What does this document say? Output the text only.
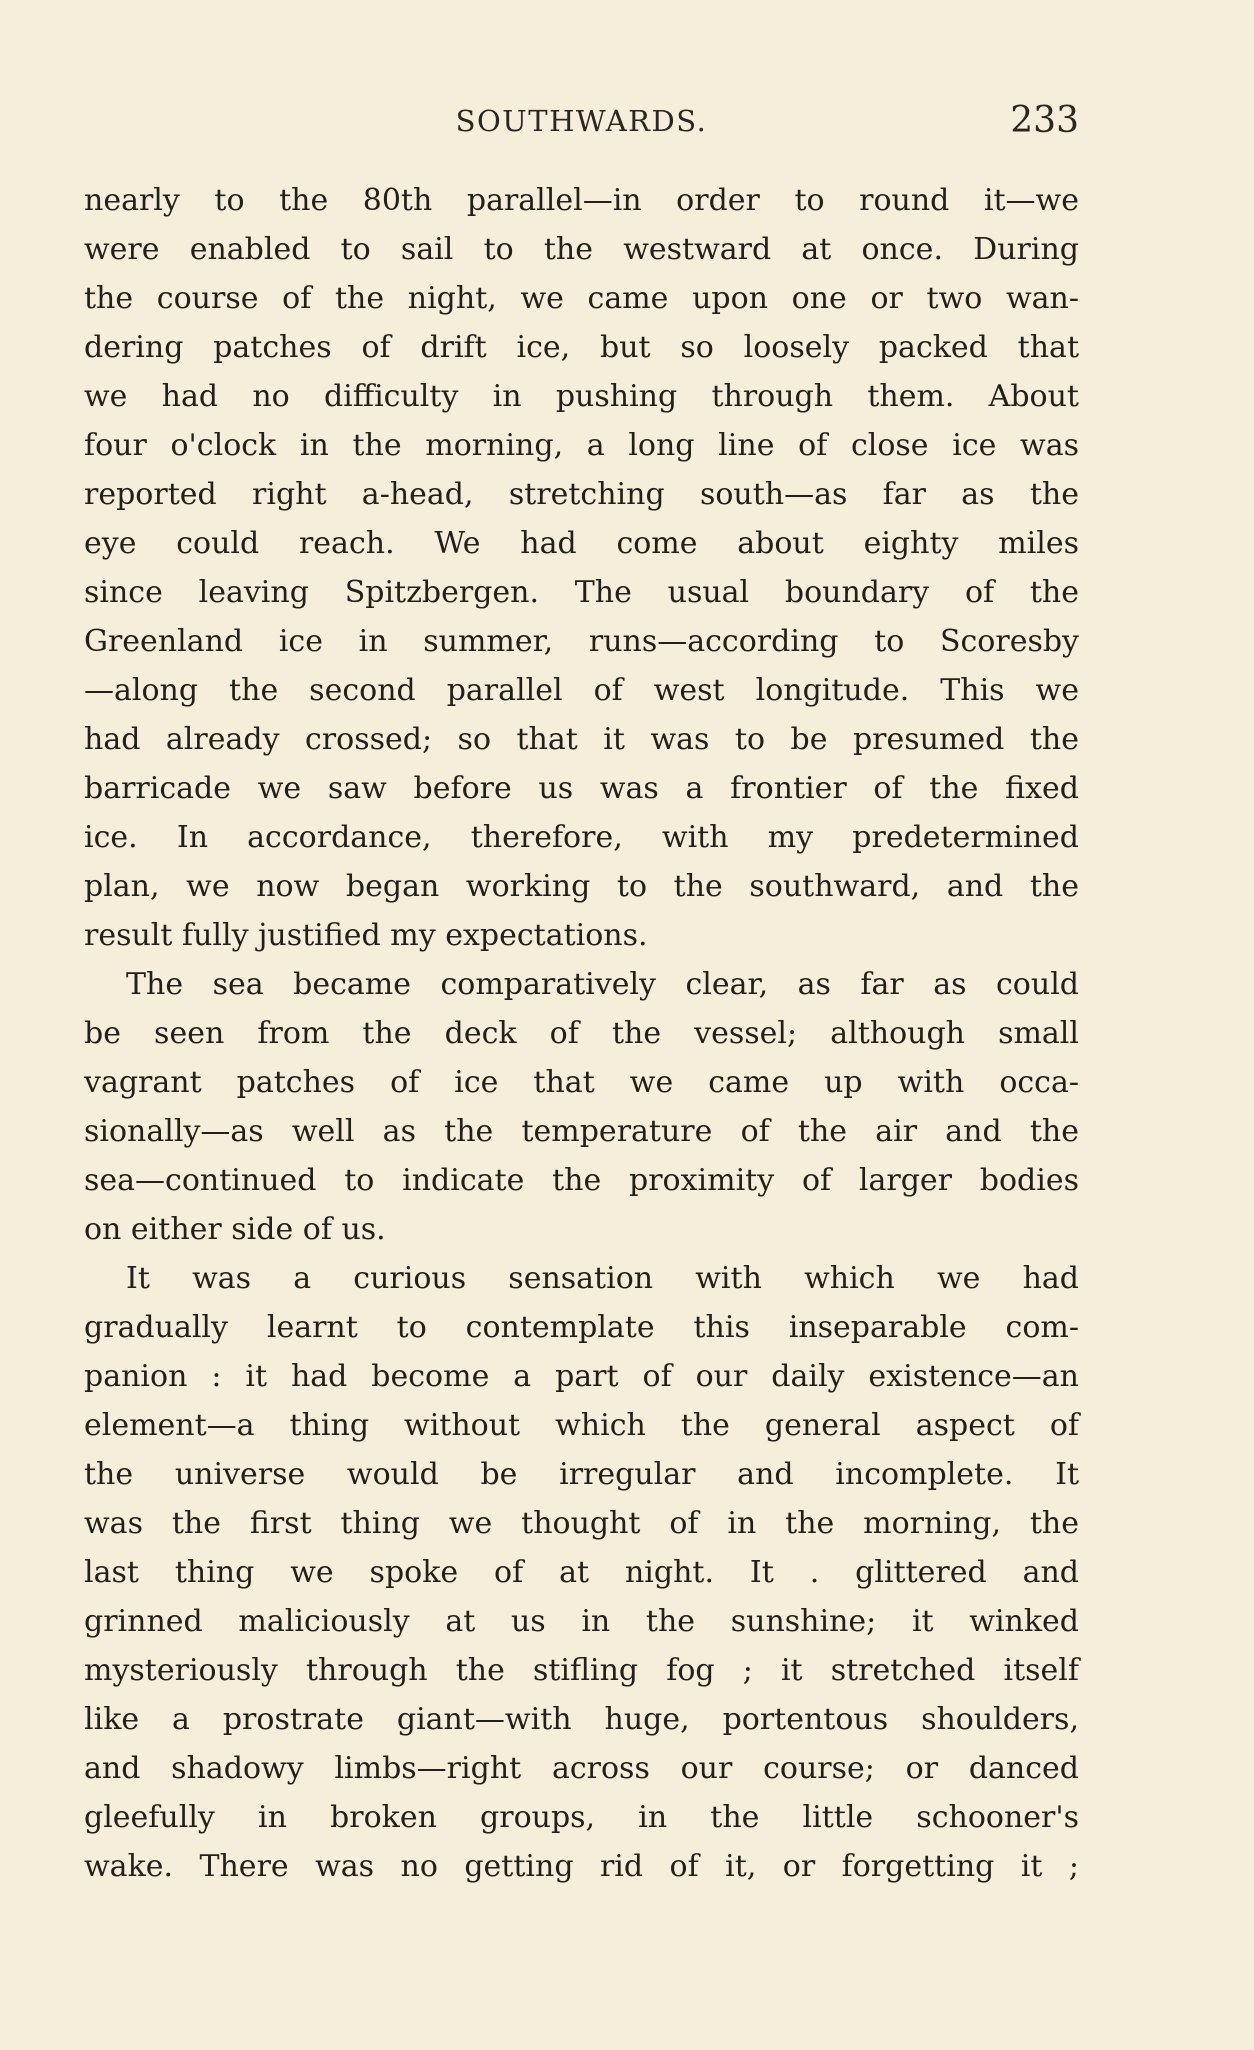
SOUTHWARDS.	233
nearly to the 80th parallel—in order to round it—we
were enabled to sail to the westward at once. During
the course of the night, we came upon one or two wan-
dering patches of drift ice, but so loosely packed that
we had no difficulty in pushing through them. About
four o'clock in the morning, a long line of close ice was
reported right a-head, stretching south—as far as the
eye could reach. We had come about eighty miles
since leaving Spitzbergen. The usual boundary of the
Greenland ice in summer, runs—according to Scoresby
—along the second parallel of west longitude. This we
had already crossed; so that it was to be presumed the
barricade we saw before us was a frontier of the fixed
ice. In accordance, therefore, with my predetermined
plan, we now began working to the southward, and the
result fully justified my expectations.
The sea became comparatively clear, as far as could
be seen from the deck of the vessel; although small
vagrant patches of ice that we came up with occa-
sionally—as well as the temperature of the air and the
sea—continued to indicate the proximity of larger bodies
on either side of us.
It was a curious sensation with which we had
gradually learnt to contemplate this inseparable com-
panion : it had become a part of our daily existence—an
element—a thing without which the general aspect of
the universe would be irregular and incomplete. It
was the first thing we thought of in the morning, the
last thing we spoke of at night. It . glittered and
grinned maliciously at us in the sunshine; it winked
mysteriously through the stifling fog ; it stretched itself
like a prostrate giant—with huge, portentous shoulders,
and shadowy limbs—right across our course; or danced
gleefully in broken groups, in the little schooner's
wake. There was no getting rid of it, or forgetting it ;
